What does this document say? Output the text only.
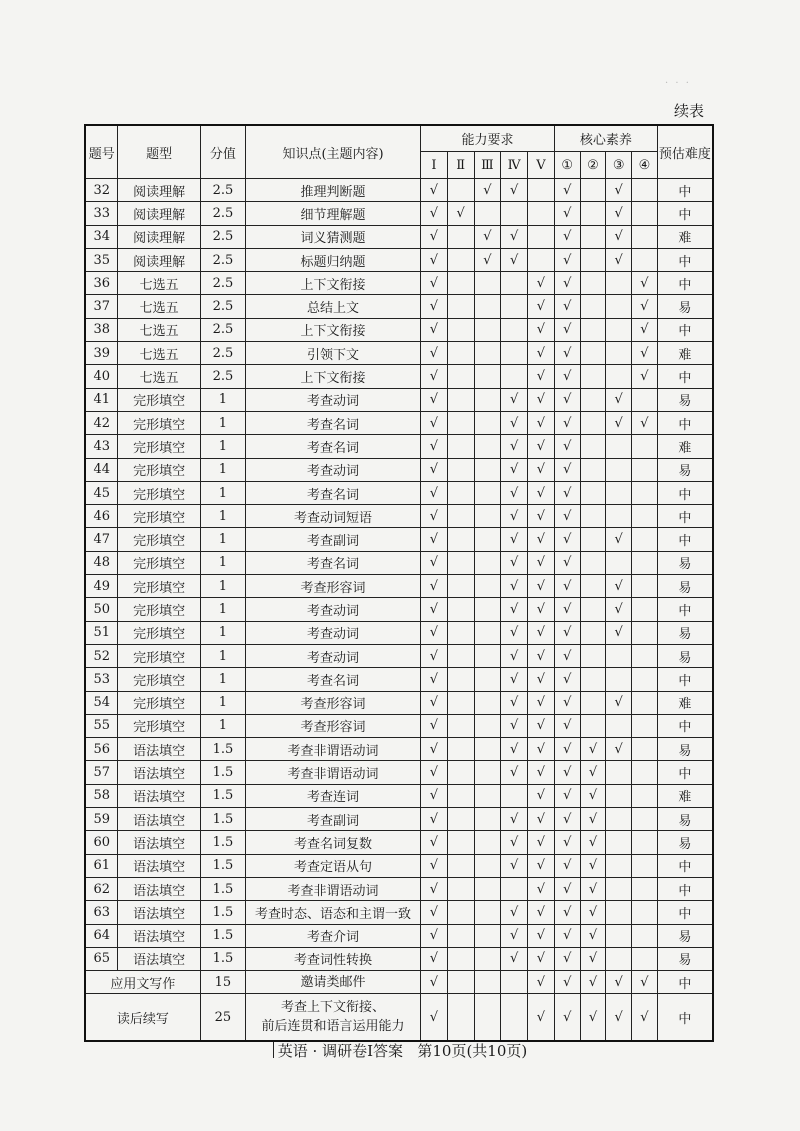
· · ·
续表
题号	题型	分值	知识点(主题内容)	能力要求					核心素养				预估难度
				Ⅰ	Ⅱ	Ⅲ	Ⅳ	Ⅴ	①	②	③	④	
32	阅读理解	2.5	推理判断题	√		√	√		√		√		中
33	阅读理解	2.5	细节理解题	√	√				√		√		中
34	阅读理解	2.5	词义猜测题	√		√	√		√		√		难
35	阅读理解	2.5	标题归纳题	√		√	√		√		√		中
36	七选五	2.5	上下文衔接	√				√	√			√	中
37	七选五	2.5	总结上文	√				√	√			√	易
38	七选五	2.5	上下文衔接	√				√	√			√	中
39	七选五	2.5	引领下文	√				√	√			√	难
40	七选五	2.5	上下文衔接	√				√	√			√	中
41	完形填空	1	考查动词	√			√	√	√		√		易
42	完形填空	1	考查名词	√			√	√	√		√	√	中
43	完形填空	1	考查名词	√			√	√	√				难
44	完形填空	1	考查动词	√			√	√	√				易
45	完形填空	1	考查名词	√			√	√	√				中
46	完形填空	1	考查动词短语	√			√	√	√				中
47	完形填空	1	考查副词	√			√	√	√		√		中
48	完形填空	1	考查名词	√			√	√	√				易
49	完形填空	1	考查形容词	√			√	√	√		√		易
50	完形填空	1	考查动词	√			√	√	√		√		中
51	完形填空	1	考查动词	√			√	√	√		√		易
52	完形填空	1	考查动词	√			√	√	√				易
53	完形填空	1	考查名词	√			√	√	√				中
54	完形填空	1	考查形容词	√			√	√	√		√		难
55	完形填空	1	考查形容词	√			√	√	√				中
56	语法填空	1.5	考查非谓语动词	√			√	√	√	√	√		易
57	语法填空	1.5	考查非谓语动词	√			√	√	√	√			中
58	语法填空	1.5	考查连词	√				√	√	√			难
59	语法填空	1.5	考查副词	√			√	√	√	√			易
60	语法填空	1.5	考查名词复数	√			√	√	√	√			易
61	语法填空	1.5	考查定语从句	√			√	√	√	√			中
62	语法填空	1.5	考查非谓语动词	√				√	√	√			中
63	语法填空	1.5	考查时态、语态和主谓一致	√			√	√	√	√			中
64	语法填空	1.5	考查介词	√			√	√	√	√			易
65	语法填空	1.5	考查词性转换	√			√	√	√	√			易
应用文写作		15	邀请类邮件	√				√	√	√	√	√	中
读后续写		25	考查上下文衔接、
前后连贯和语言运用能力	√				√	√	√	√	√	中
英语 · 调研卷Ⅰ答案 第10页(共10页)
